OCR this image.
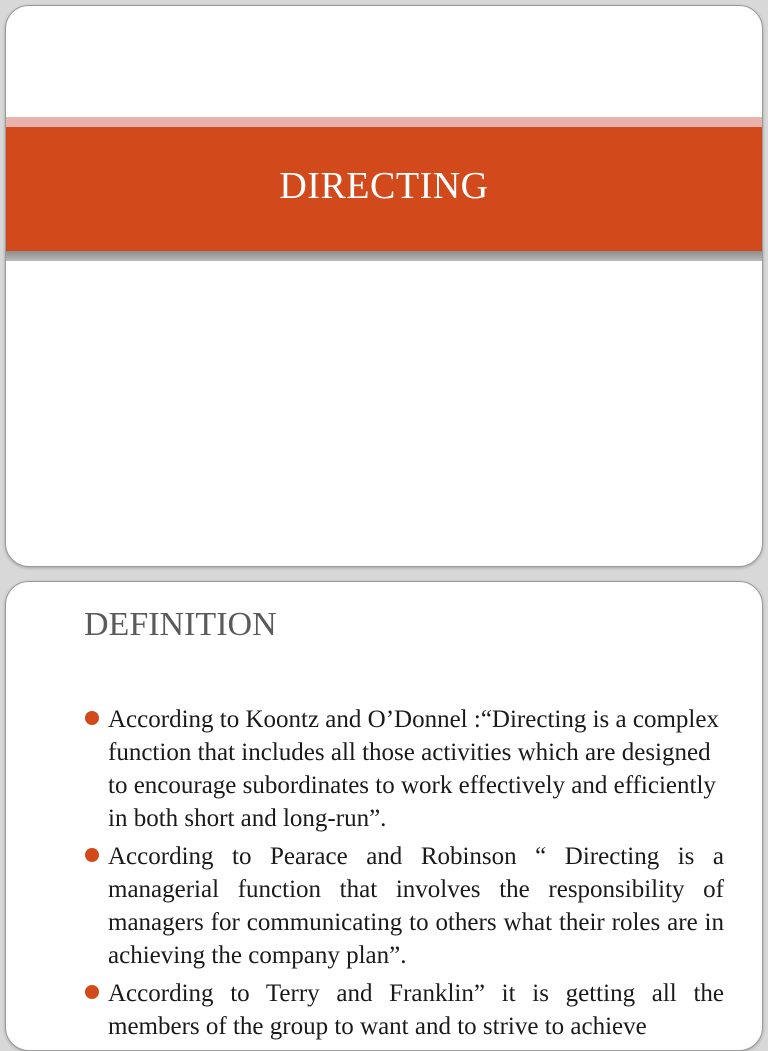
DIRECTING
DEFINITION
According to Koontz and O’Donnel :“Directing is a complex function that includes all those activities which are designed to encourage subordinates to work effectively and efficiently in both short and long-run”.
According to Pearace and Robinson “ Directing is a managerial function that involves the responsibility of managers for communicating to others what their roles are in achieving the company plan”.
According to Terry and Franklin” it is getting all the members of the group to want and to strive to achieve
